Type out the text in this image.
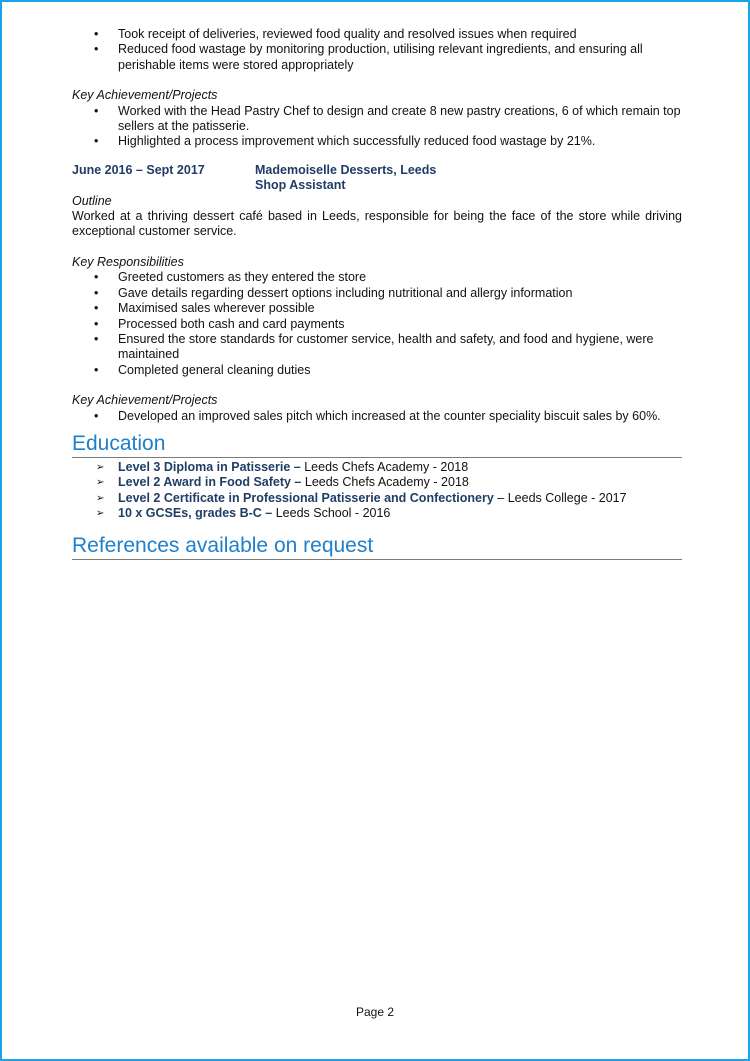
• Took receipt of deliveries, reviewed food quality and resolved issues when required
• Reduced food wastage by monitoring production, utilising relevant ingredients, and ensuring all perishable items were stored appropriately
Key Achievement/Projects
• Worked with the Head Pastry Chef to design and create 8 new pastry creations, 6 of which remain top sellers at the patisserie.
• Highlighted a process improvement which successfully reduced food wastage by 21%.
June 2016 – Sept 2017	Mademoiselle Desserts, Leeds
Shop Assistant
Outline
Worked at a thriving dessert café based in Leeds, responsible for being the face of the store while driving exceptional customer service.
Key Responsibilities
• Greeted customers as they entered the store
• Gave details regarding dessert options including nutritional and allergy information
• Maximised sales wherever possible
• Processed both cash and card payments
• Ensured the store standards for customer service, health and safety, and food and hygiene, were maintained
• Completed general cleaning duties
Key Achievement/Projects
• Developed an improved sales pitch which increased at the counter speciality biscuit sales by 60%.
Education
➢ Level 3 Diploma in Patisserie – Leeds Chefs Academy - 2018
➢ Level 2 Award in Food Safety – Leeds Chefs Academy - 2018
➢ Level 2 Certificate in Professional Patisserie and Confectionery – Leeds College - 2017
➢ 10 x GCSEs, grades B-C – Leeds School - 2016
References available on request
Page 2
